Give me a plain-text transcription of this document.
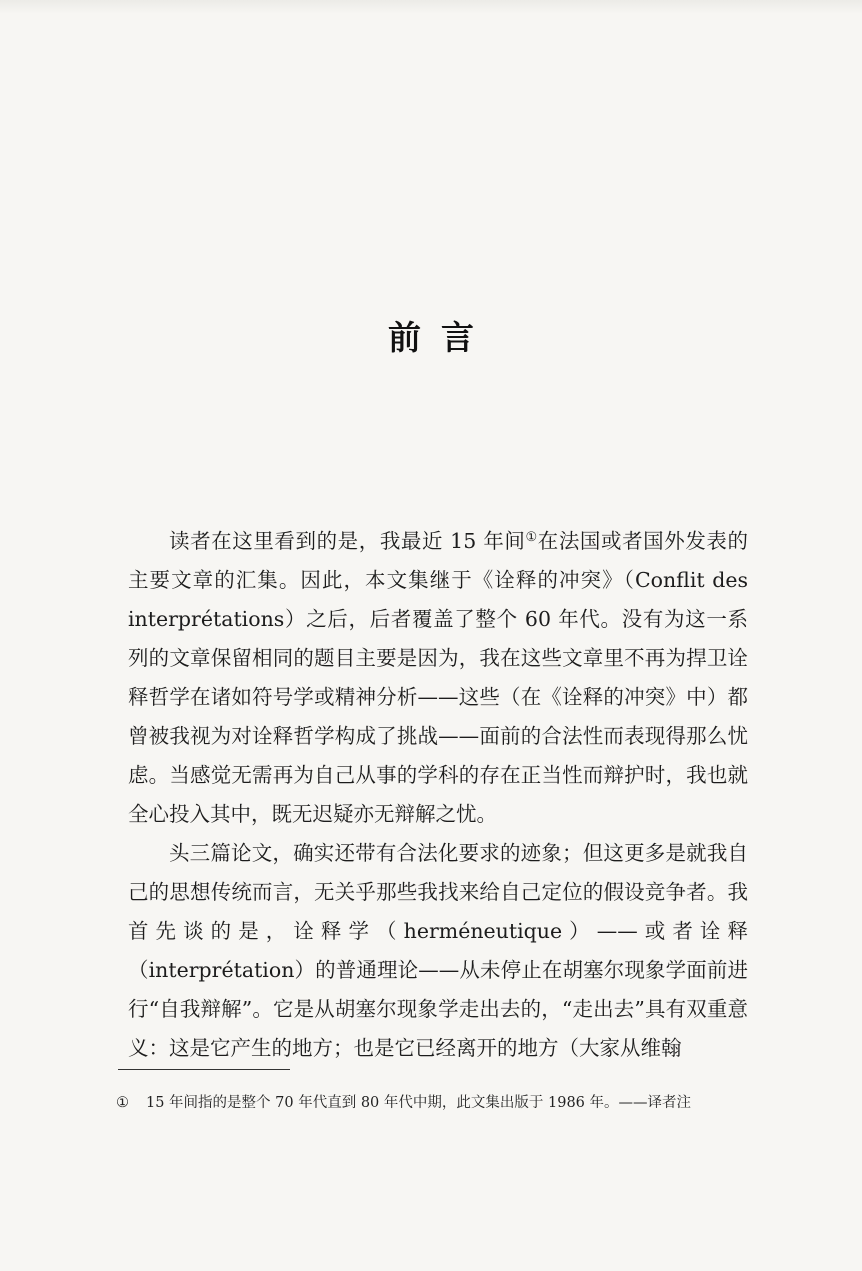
前言

读者在这里看到的是，我最近 15 年间①在法国或者国外发表的主要文章的汇集。因此，本文集继于《诠释的冲突》（Conflit des interprétations）之后，后者覆盖了整个 60 年代。没有为这一系列的文章保留相同的题目主要是因为，我在这些文章里不再为捍卫诠释哲学在诸如符号学或精神分析——这些（在《诠释的冲突》中）都曾被我视为对诠释哲学构成了挑战——面前的合法性而表现得那么忧虑。当感觉无需再为自己从事的学科的存在正当性而辩护时，我也就全心投入其中，既无迟疑亦无辩解之忧。

头三篇论文，确实还带有合法化要求的迹象；但这更多是就我自己的思想传统而言，无关乎那些我找来给自己定位的假设竞争者。我首先谈的是，诠释学（herméneutique）——或者诠释（interprétation）的普通理论——从未停止在胡塞尔现象学面前进行“自我辩解”。它是从胡塞尔现象学走出去的，“走出去”具有双重意义：这是它产生的地方；也是它已经离开的地方（大家从维翰

①	15 年间指的是整个 70 年代直到 80 年代中期，此文集出版于 1986 年。——译者注
